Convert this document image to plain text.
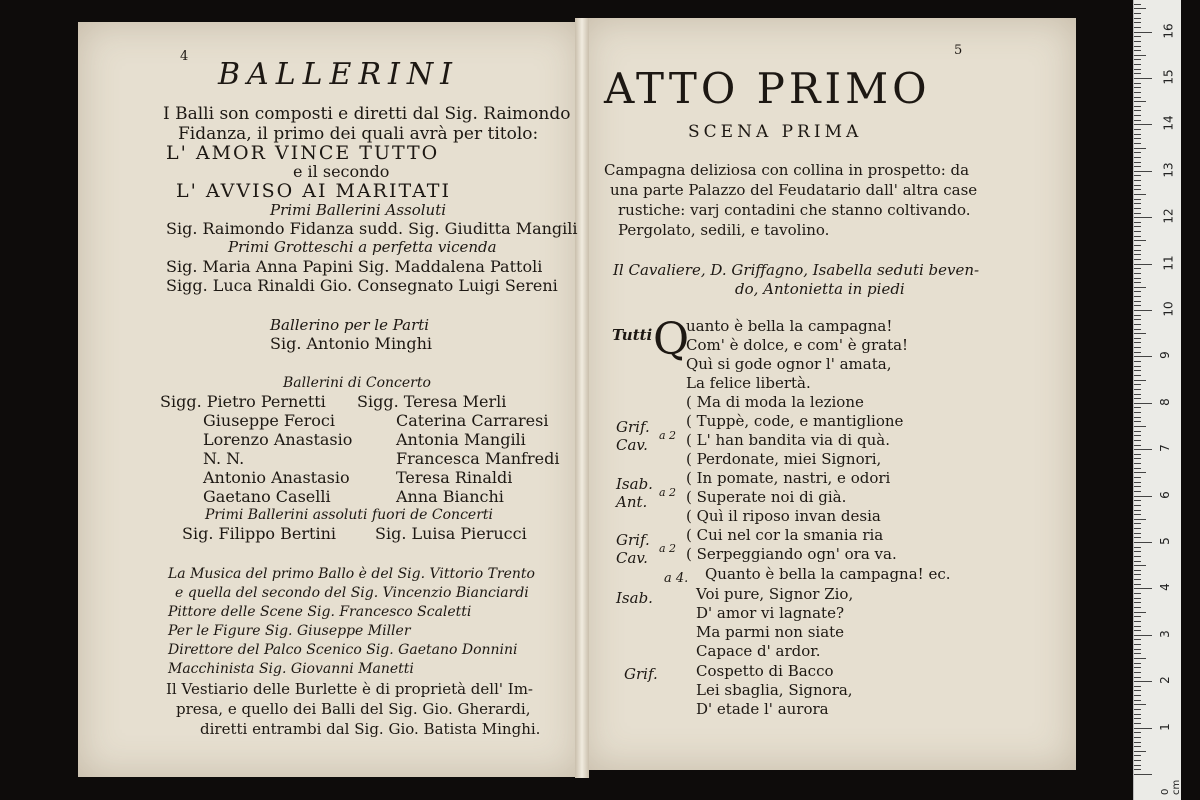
4
BALLERINI
I Balli son composti e diretti dal Sig. Raimondo
Fidanza, il primo dei quali avrà per titolo:
L' AMOR VINCE TUTTO
e il secondo
L' AVVISO AI MARITATI
Primi Ballerini Assoluti
Sig. Raimondo Fidanza sudd. Sig. Giuditta Mangili
Primi Grotteschi a perfetta vicenda
Sig. Maria Anna Papini Sig. Maddalena Pattoli
Sigg. Luca Rinaldi Gio. Consegnato Luigi Sereni
Ballerino per le Parti
Sig. Antonio Minghi
Ballerini di Concerto
Sigg. Pietro Pernetti
Giuseppe Feroci
Lorenzo Anastasio
N. N.
Antonio Anastasio
Gaetano Caselli
Sigg. Teresa Merli
Caterina Carraresi
Antonia Mangili
Francesca Manfredi
Teresa Rinaldi
Anna Bianchi
Primi Ballerini assoluti fuori de Concerti
Sig. Filippo Bertini Sig. Luisa Pierucci
La Musica del primo Ballo è del Sig. Vittorio Trento
e quella del secondo del Sig. Vincenzio Bianciardi
Pittore delle Scene Sig. Francesco Scaletti
Per le Figure Sig. Giuseppe Miller
Direttore del Palco Scenico Sig. Gaetano Donnini
Macchinista Sig. Giovanni Manetti
Il Vestiario delle Burlette è di proprietà dell' Im-
presa, e quello dei Balli del Sig. Gio. Gherardi,
diretti entrambi dal Sig. Gio. Batista Minghi.
5
ATTO PRIMO
SCENA PRIMA
Campagna deliziosa con collina in prospetto: da
una parte Palazzo del Feudatario dall' altra case
rustiche: varj contadini che stanno coltivando.
Pergolato, sedili, e tavolino.
Il Cavaliere, D. Griffagno, Isabella seduti beven-
do, Antonietta in piedi
Tutti
Grif.
Cav.
a 2
Isab.
Ant.
a 2
Grif.
Cav.
a 2
a 4.
Isab.
Grif.
Q
uanto è bella la campagna!
Com' è dolce, e com' è grata!
Quì si gode ognor l' amata,
La felice libertà.
( Ma di moda la lezione
( Tuppè, code, e mantiglione
( L' han bandita via di quà.
( Perdonate, miei Signori,
( In pomate, nastri, e odori
( Superate noi di già.
( Quì il riposo invan desia
( Cui nel cor la smania ria
( Serpeggiando ogn' ora va.
Quanto è bella la campagna! ec.
Voi pure, Signor Zio,
D' amor vi lagnate?
Ma parmi non siate
Capace d' ardor.
Cospetto di Bacco
Lei sbaglia, Signora,
D' etade l' aurora
0 cm
1
2
3
4
5
6
7
8
9
10
11
12
13
14
15
16
